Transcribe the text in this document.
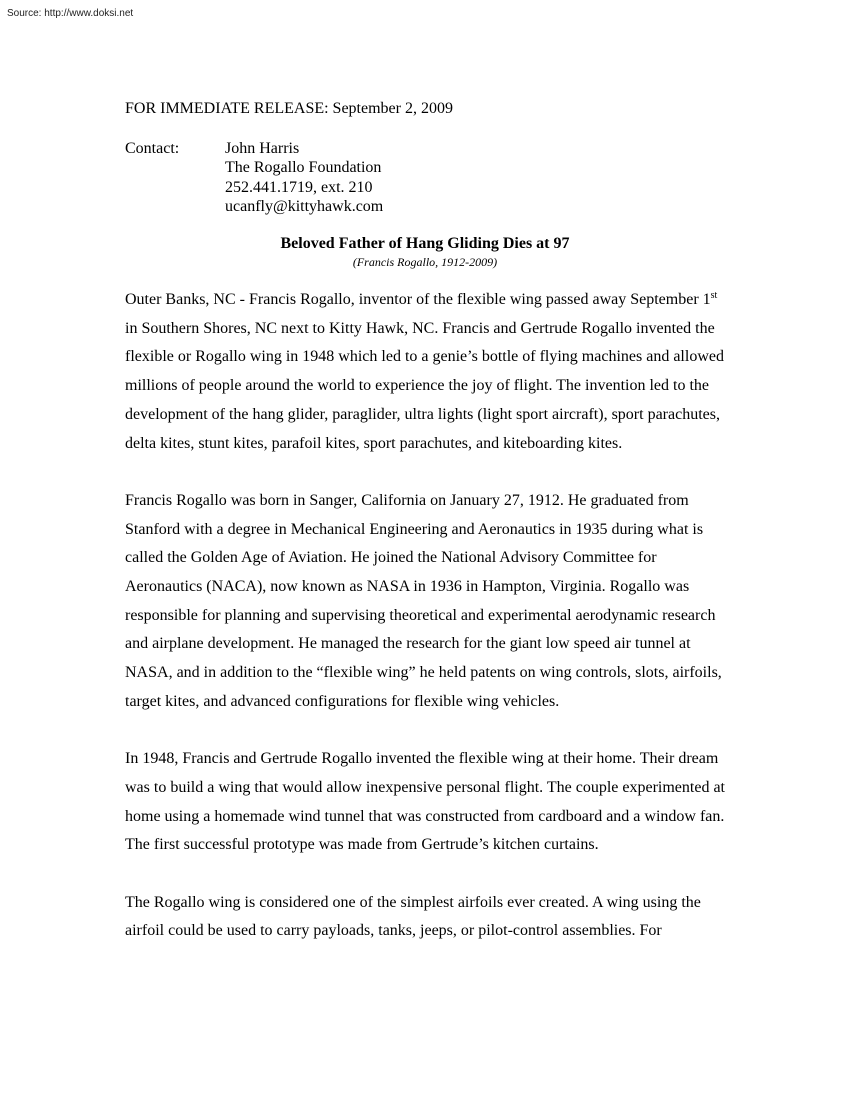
Source: http://www.doksi.net
FOR IMMEDIATE RELEASE: September 2, 2009
Contact:	John Harris
The Rogallo Foundation
252.441.1719, ext. 210
ucanfly@kittyhawk.com
Beloved Father of Hang Gliding Dies at 97
(Francis Rogallo, 1912-2009)

Outer Banks, NC - Francis Rogallo, inventor of the flexible wing passed away September 1st in Southern Shores, NC next to Kitty Hawk, NC. Francis and Gertrude Rogallo invented the flexible or Rogallo wing in 1948 which led to a genie’s bottle of flying machines and allowed millions of people around the world to experience the joy of flight. The invention led to the development of the hang glider, paraglider, ultra lights (light sport aircraft), sport parachutes, delta kites, stunt kites, parafoil kites, sport parachutes, and kiteboarding kites.

Francis Rogallo was born in Sanger, California on January 27, 1912. He graduated from Stanford with a degree in Mechanical Engineering and Aeronautics in 1935 during what is called the Golden Age of Aviation. He joined the National Advisory Committee for Aeronautics (NACA), now known as NASA in 1936 in Hampton, Virginia. Rogallo was responsible for planning and supervising theoretical and experimental aerodynamic research and airplane development. He managed the research for the giant low speed air tunnel at NASA, and in addition to the “flexible wing” he held patents on wing controls, slots, airfoils, target kites, and advanced configurations for flexible wing vehicles.

In 1948, Francis and Gertrude Rogallo invented the flexible wing at their home. Their dream was to build a wing that would allow inexpensive personal flight. The couple experimented at home using a homemade wind tunnel that was constructed from cardboard and a window fan. The first successful prototype was made from Gertrude’s kitchen curtains.

The Rogallo wing is considered one of the simplest airfoils ever created. A wing using the airfoil could be used to carry payloads, tanks, jeeps, or pilot-control assemblies. For
